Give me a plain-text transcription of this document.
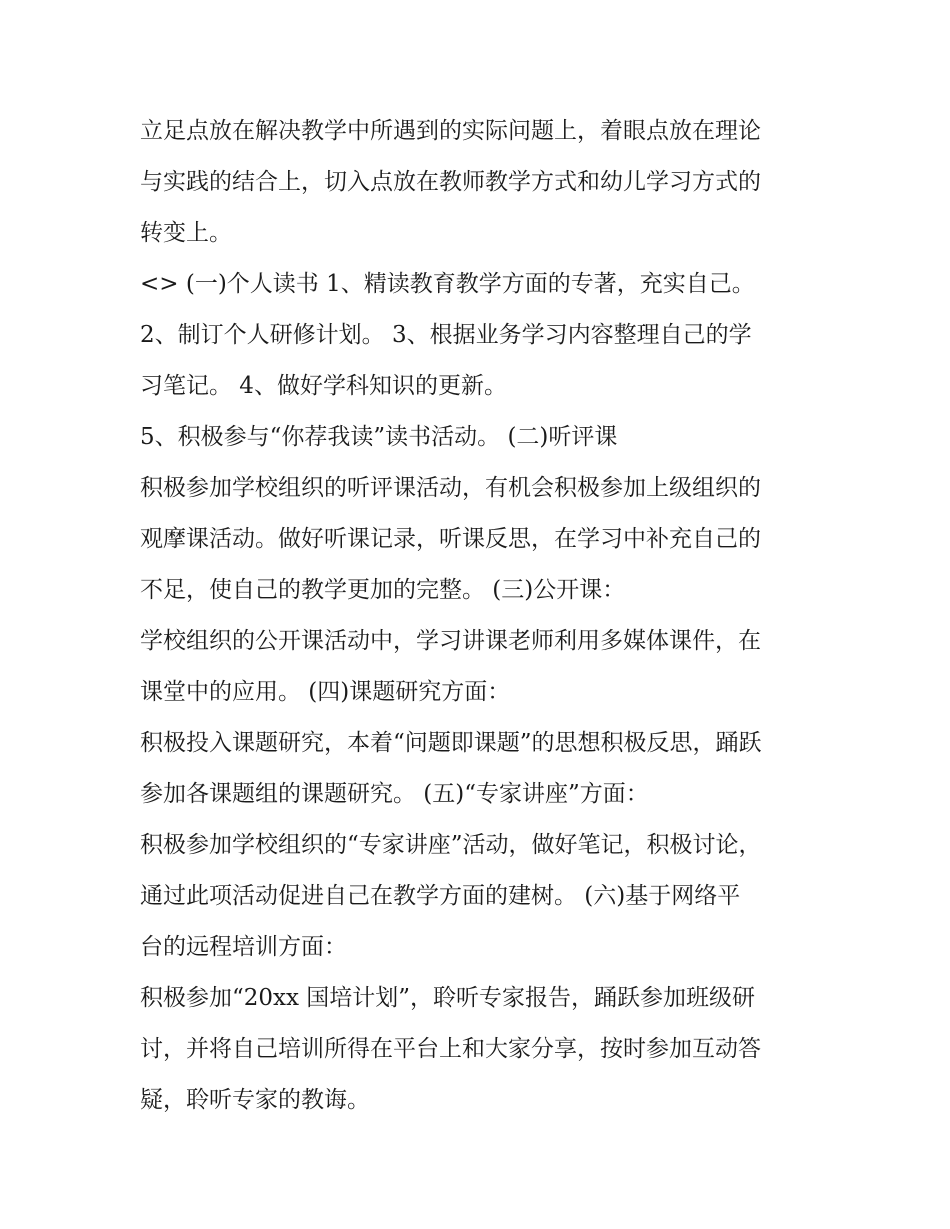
立足点放在解决教学中所遇到的实际问题上，着眼点放在理论
与实践的结合上，切入点放在教师教学方式和幼儿学习方式的
转变上。
<> (一)个人读书 1、精读教育教学方面的专著，充实自己。
2、制订个人研修计划。 3、根据业务学习内容整理自己的学
习笔记。 4、做好学科知识的更新。
5、积极参与“你荐我读”读书活动。 (二)听评课
积极参加学校组织的听评课活动，有机会积极参加上级组织的
观摩课活动。做好听课记录，听课反思，在学习中补充自己的
不足，使自己的教学更加的完整。 (三)公开课：
学校组织的公开课活动中，学习讲课老师利用多媒体课件，在
课堂中的应用。 (四)课题研究方面：
积极投入课题研究，本着“问题即课题”的思想积极反思，踊跃
参加各课题组的课题研究。 (五)“专家讲座”方面：
积极参加学校组织的“专家讲座”活动，做好笔记，积极讨论，
通过此项活动促进自己在教学方面的建树。 (六)基于网络平
台的远程培训方面：
积极参加“20xx 国培计划”，聆听专家报告，踊跃参加班级研
讨，并将自己培训所得在平台上和大家分享，按时参加互动答
疑，聆听专家的教诲。
